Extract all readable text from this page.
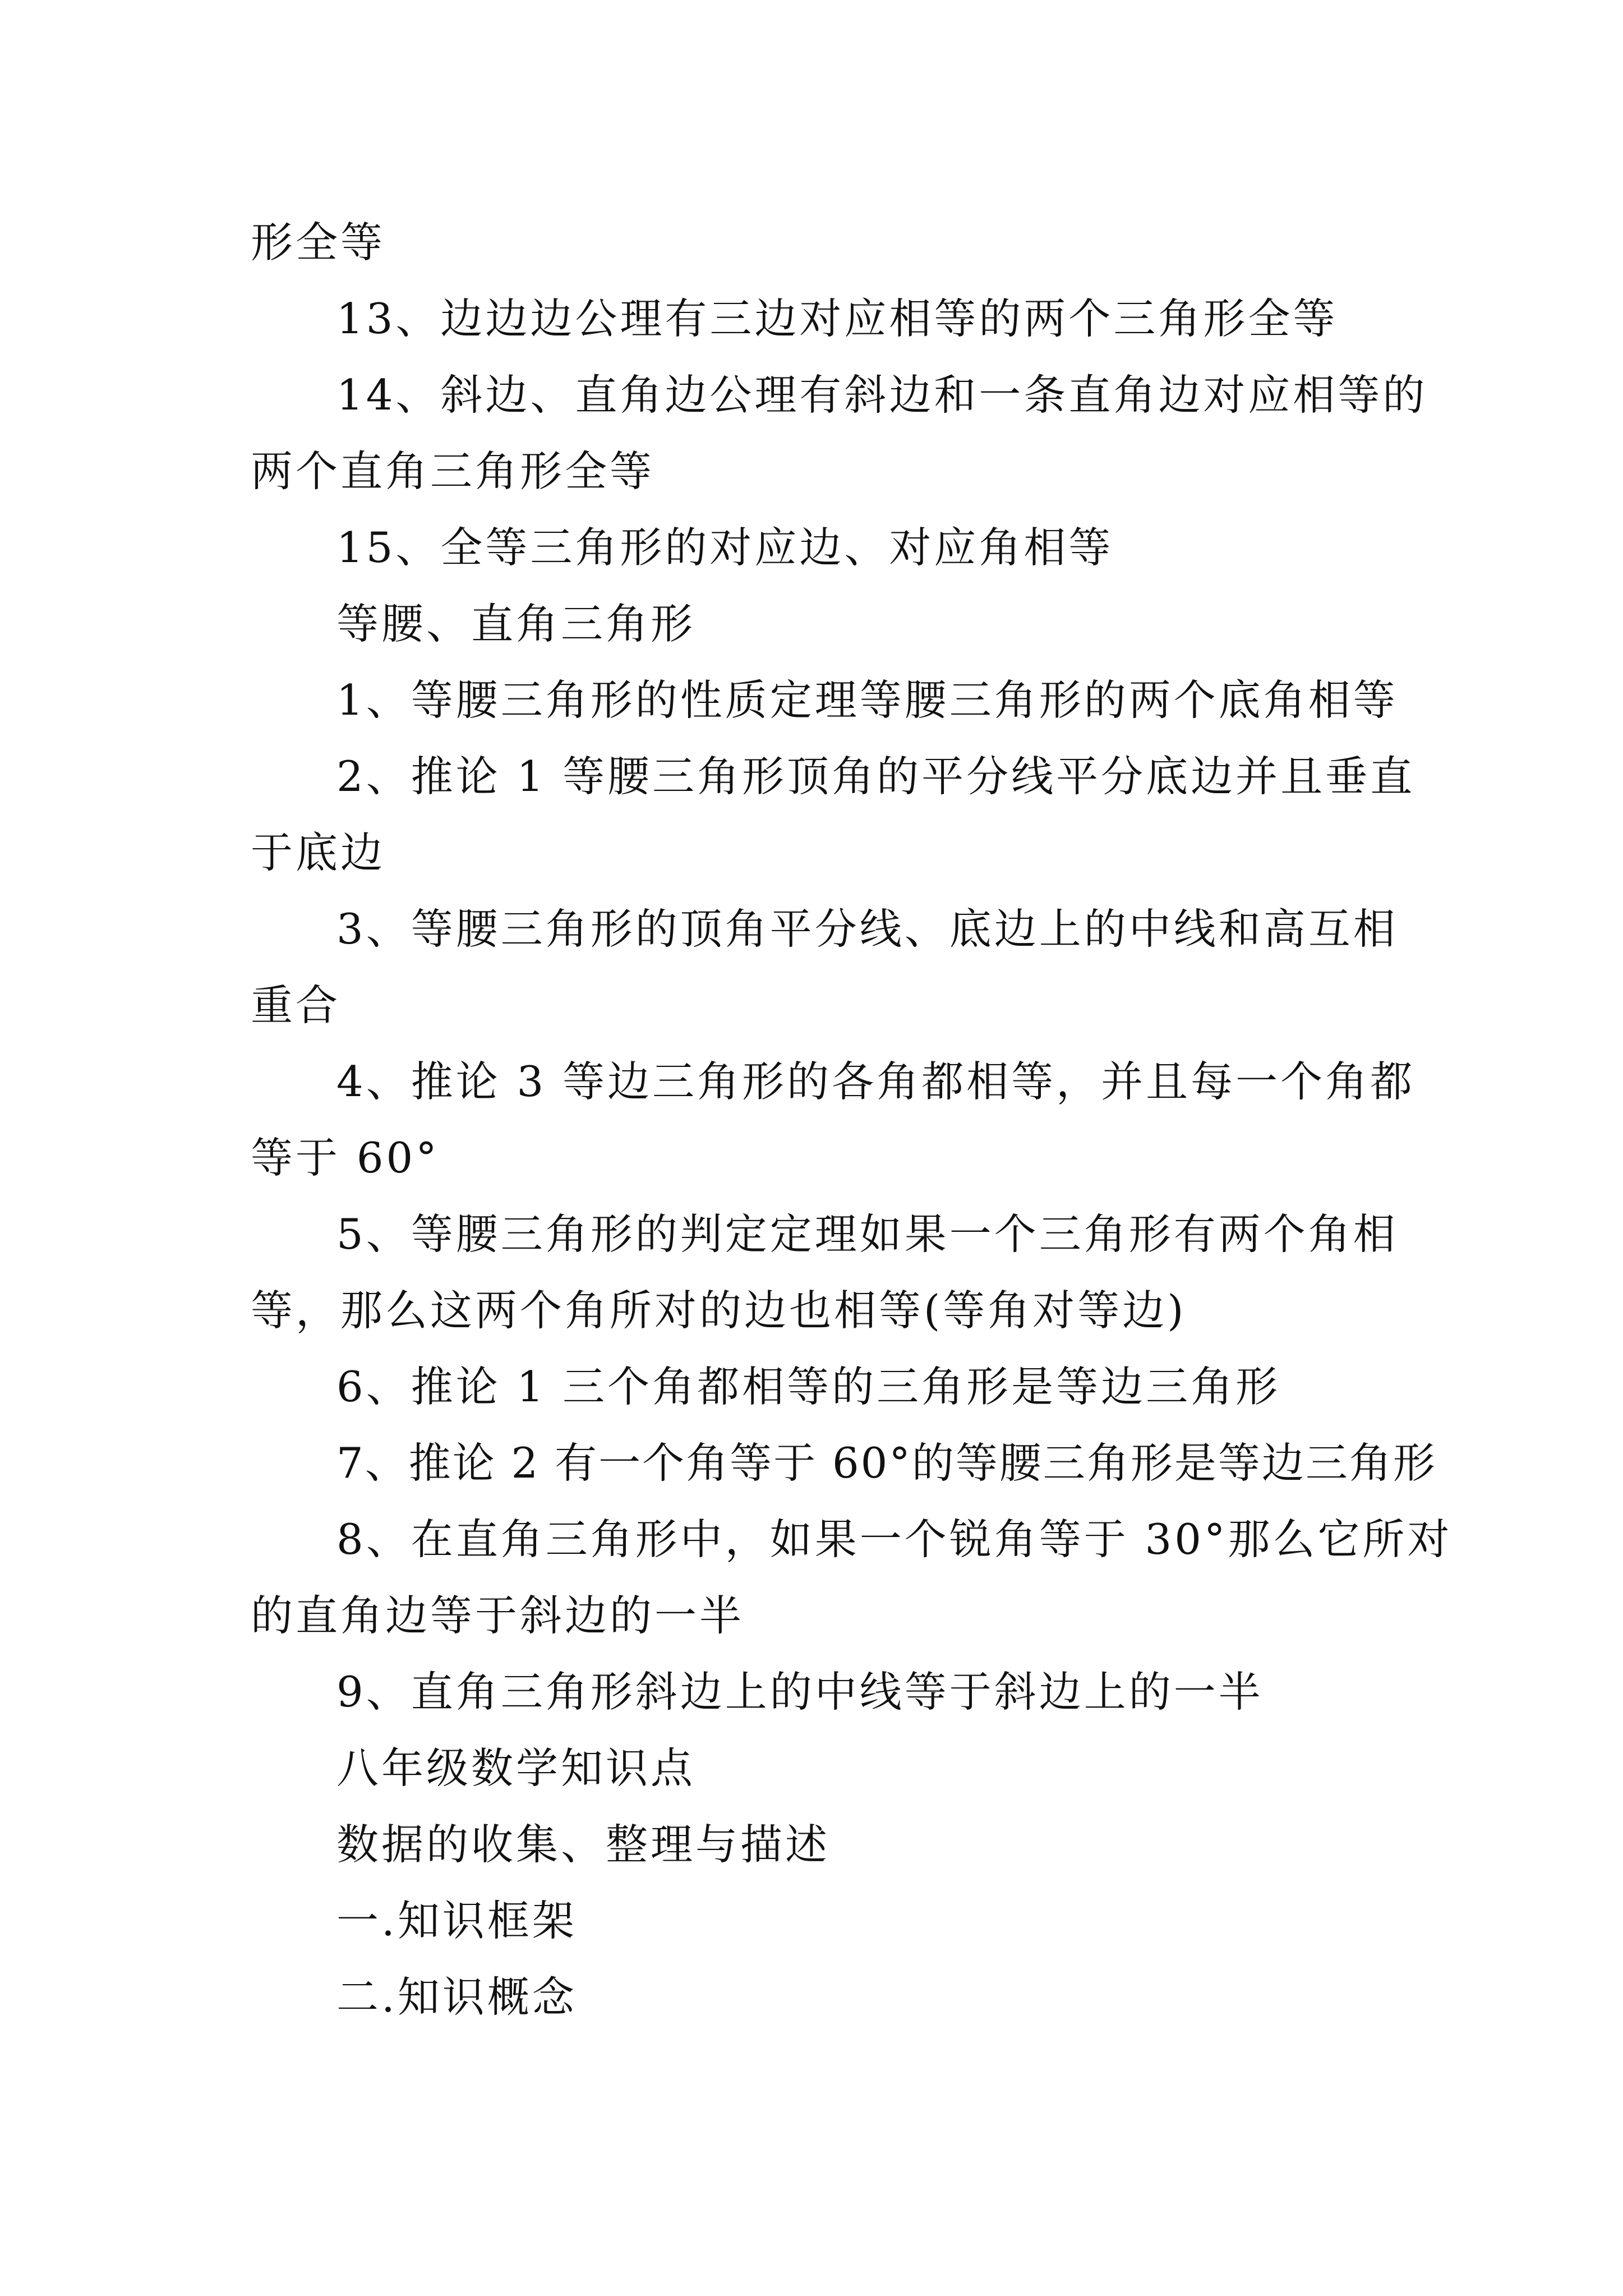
形全等
13、边边边公理有三边对应相等的两个三角形全等
14、斜边、直角边公理有斜边和一条直角边对应相等的
两个直角三角形全等
15、全等三角形的对应边、对应角相等
等腰、直角三角形
1、等腰三角形的性质定理等腰三角形的两个底角相等
2、推论 1 等腰三角形顶角的平分线平分底边并且垂直
于底边
3、等腰三角形的顶角平分线、底边上的中线和高互相
重合
4、推论 3 等边三角形的各角都相等，并且每一个角都
等于 60°
5、等腰三角形的判定定理如果一个三角形有两个角相
等，那么这两个角所对的边也相等(等角对等边)
6、推论 1 三个角都相等的三角形是等边三角形
7、推论 2 有一个角等于 60°的等腰三角形是等边三角形
8、在直角三角形中，如果一个锐角等于 30°那么它所对
的直角边等于斜边的一半
9、直角三角形斜边上的中线等于斜边上的一半
八年级数学知识点
数据的收集、整理与描述
一.知识框架
二.知识概念
